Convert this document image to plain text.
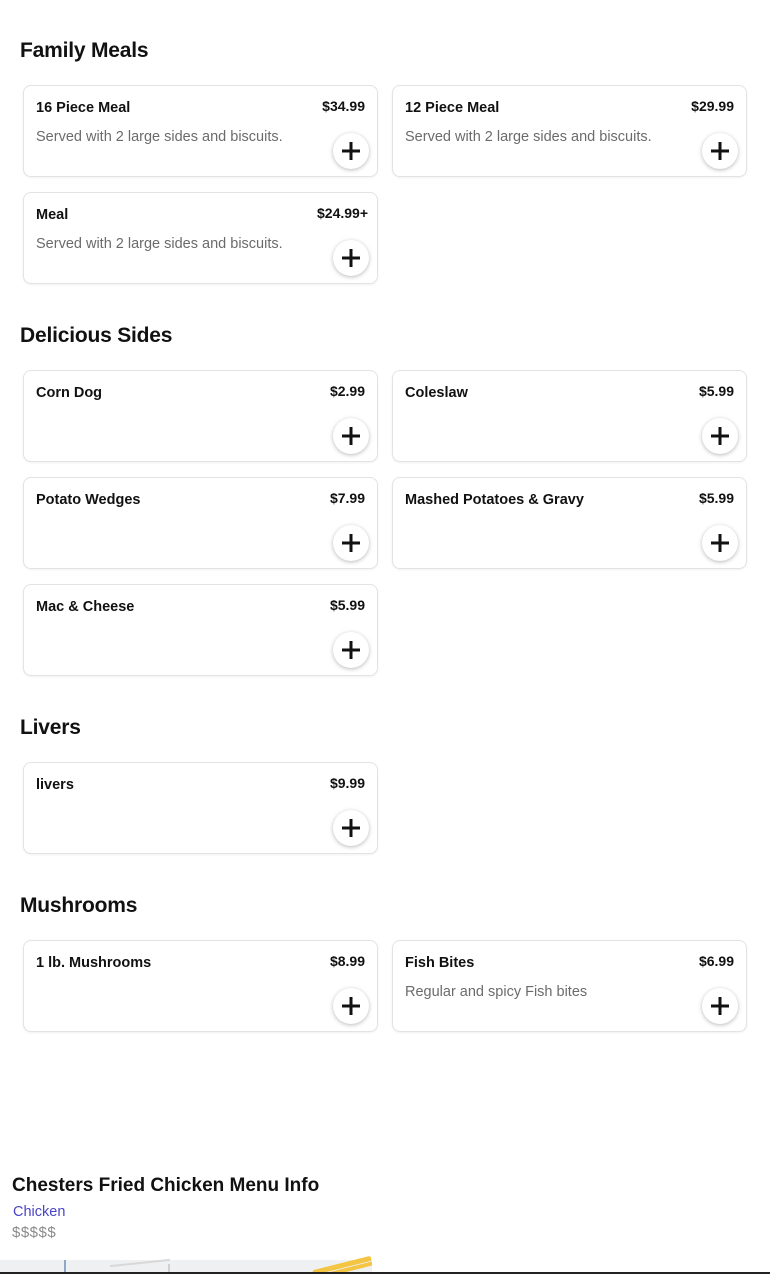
Family Meals
16 Piece Meal	$34.99
Served with 2 large sides and biscuits.
12 Piece Meal	$29.99
Served with 2 large sides and biscuits.
Meal	$24.99+
Served with 2 large sides and biscuits.
Delicious Sides
Corn Dog	$2.99	Coleslaw	$5.99
Potato Wedges	$7.99	Mashed Potatoes & Gravy	$5.99
Mac & Cheese	$5.99
Livers
livers	$9.99
Mushrooms
1 lb. Mushrooms	$8.99	Fish Bites	$6.99
Regular and spicy Fish bites
Chesters Fried Chicken Menu Info
Chicken
$$$$$
